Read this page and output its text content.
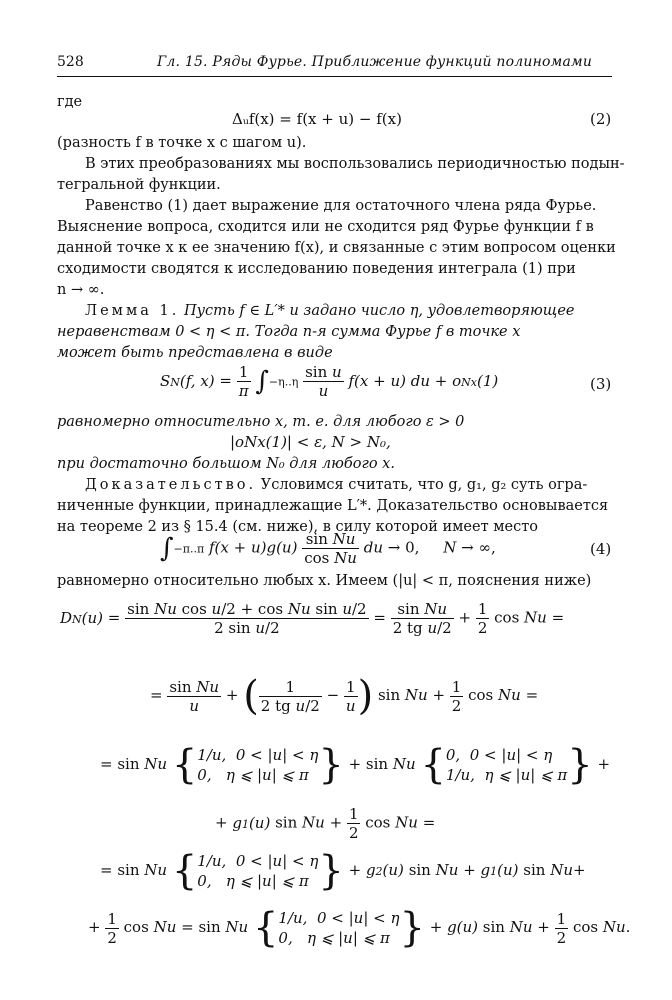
528	Гл. 15. Ряды Фурье. Приближение функций полиномами
где
Δᵤf(x) = f(x + u) − f(x)	(2)
(разность f в точке x с шагом u).
В этих преобразованиях мы воспользовались периодичностью подын-
тегральной функции.
Равенство (1) дает выражение для остаточного члена ряда Фурье.
Выяснение вопроса, сходится или не сходится ряд Фурье функции f в
данной точке x к ее значению f(x), и связанные с этим вопросом оценки
сходимости сводятся к исследованию поведения интеграла (1) при
n → ∞.
Лемма 1. Пусть f ∈ L′* и задано число η, удовлетворяющее
неравенствам 0 < η < π. Тогда n-я сумма Фурье f в точке x
может быть представлена в виде
SN(f, $x) = \frac{1}{\pi} \int-\eta..\eta \frac{\text{sin u}}{u} f(x + u)$ du + oNx(1)	(3)
равномерно относительно x, т. е. для любого ε > 0
|oNx(1)| < ε, N > N₀,
при достаточно большом N₀ для любого x.
Доказательство. Условимся считать, что g, g₁, g₂ суть огра-
ниченные функции, принадлежащие L′*. Доказательство основывается
на теореме 2 из § 15.4 (см. ниже), в силу которой имеет место
∫−π..π $f(x + u)g(u) \frac{\text{sin Nu}}{\text{cos Nu}}$ du → 0,     N → ∞,	(4)
равномерно относительно любых x. Имеем (|u| < π, пояснения ниже)
$DN(u) = \frac{\text{sin Nu cos u/2 + cos Nu sin u/2}}{\text{2 sin u/2}} = \frac{\text{sin Nu}}{\text{2 tg u/2}} + \frac{1}{2}$ cos Nu =
= $\frac{\text{sin Nu}}{u}$ + ( $\frac{1}{\text{2 tg u/2}} - \frac{1}{u}$ ) $\sin Nu + \frac{1}{2}$ cos Nu =
= sin Nu {1/u,  0 < |u| < η
0,   η ⩽ |u| ⩽ π } + sin Nu {0,  0 < |u| < η
1/u,  η ⩽ |u| ⩽ π} +
+ g1(u) $\sin Nu + \frac{1}{2}$ cos Nu =
= sin Nu {1/u,  0 < |u| < η
0,   η ⩽ |u| ⩽ π } + g2(u) sin Nu + g1(u) sin Nu+
+ $\frac{1}{2}$ cos Nu = sin Nu {1/u,  0 < |u| < η
0,   η ⩽ |u| ⩽ π } + g(u) $\sin Nu + \frac{1}{2}$ cos Nu.
